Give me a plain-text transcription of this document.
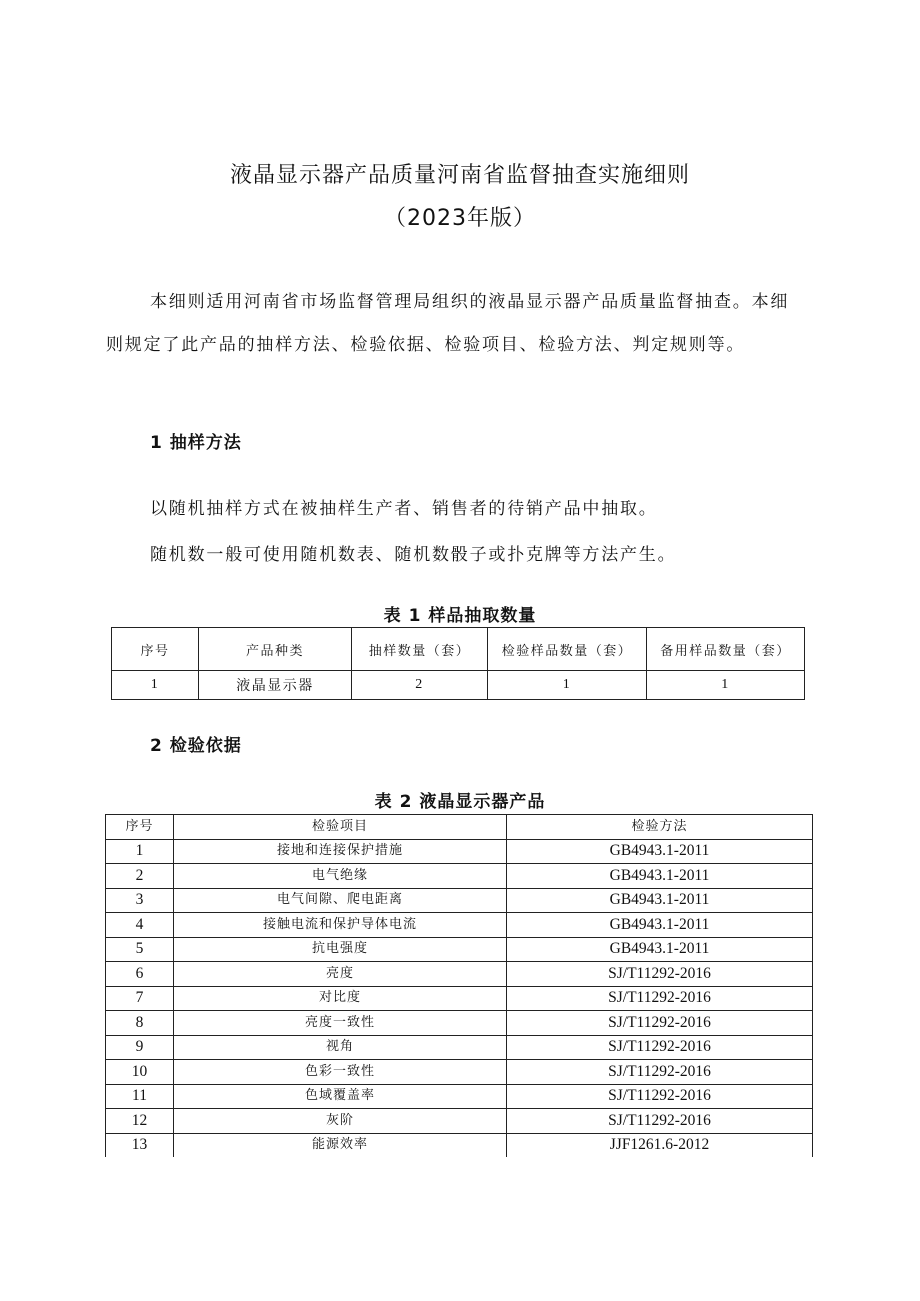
液晶显示器产品质量河南省监督抽查实施细则
（2023年版）
本细则适用河南省市场监督管理局组织的液晶显示器产品质量监督抽查。本细则规定了此产品的抽样方法、检验依据、检验项目、检验方法、判定规则等。
1 抽样方法
以随机抽样方式在被抽样生产者、销售者的待销产品中抽取。
随机数一般可使用随机数表、随机数骰子或扑克牌等方法产生。
表 1 样品抽取数量
序号	产品种类	抽样数量（套）	检验样品数量（套）	备用样品数量（套）
1	液晶显示器	2	1	1
2 检验依据
表 2 液晶显示器产品
序号	检验项目	检验方法
1	接地和连接保护措施	GB4943.1-2011
2	电气绝缘	GB4943.1-2011
3	电气间隙、爬电距离	GB4943.1-2011
4	接触电流和保护导体电流	GB4943.1-2011
5	抗电强度	GB4943.1-2011
6	亮度	SJ/T11292-2016
7	对比度	SJ/T11292-2016
8	亮度一致性	SJ/T11292-2016
9	视角	SJ/T11292-2016
10	色彩一致性	SJ/T11292-2016
11	色域覆盖率	SJ/T11292-2016
12	灰阶	SJ/T11292-2016
13	能源效率	JJF1261.6-2012
